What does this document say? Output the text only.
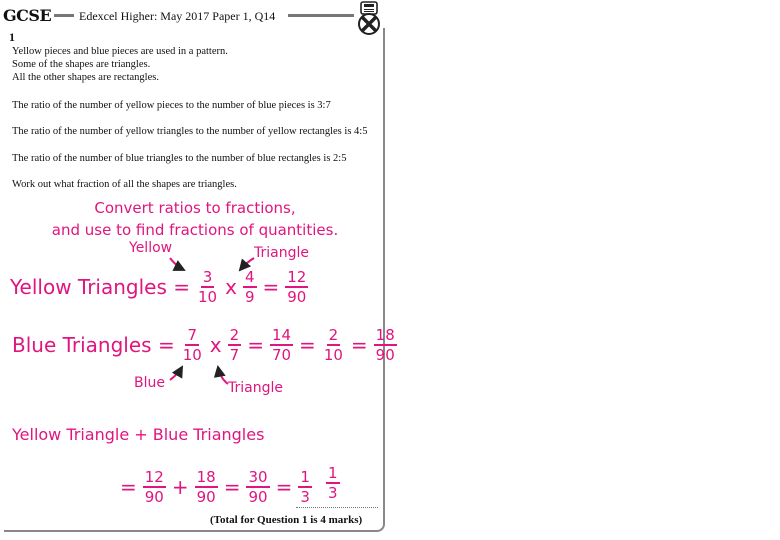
GCSE Edexcel Higher: May 2017 Paper 1, Q14
1
Yellow pieces and blue pieces are used in a pattern.
Some of the shapes are triangles.
All the other shapes are rectangles.
The ratio of the number of yellow pieces to the number of blue pieces is 3:7
The ratio of the number of yellow triangles to the number of yellow rectangles is 4:5
The ratio of the number of blue triangles to the number of blue rectangles is 2:5
Work out what fraction of all the shapes are triangles.
Convert ratios to fractions,
and use to find fractions of quantities.
Yellow	Triangle
Yellow Triangles = $\frac{3}{10}$ x $\frac{4}{9} = \frac{12}{90}$
Blue Triangles = $\frac{7}{10}$ x $\frac{2}{7} = \frac{14}{70} = \frac{2}{10} = \frac{18}{90}$
Blue	Triangle
Yellow Triangle + Blue Triangles
= $\frac{12}{90} + \frac{18}{90} = \frac{30}{90} = \frac{1}{3} \frac{1}{3}$
(Total for Question 1 is 4 marks)
